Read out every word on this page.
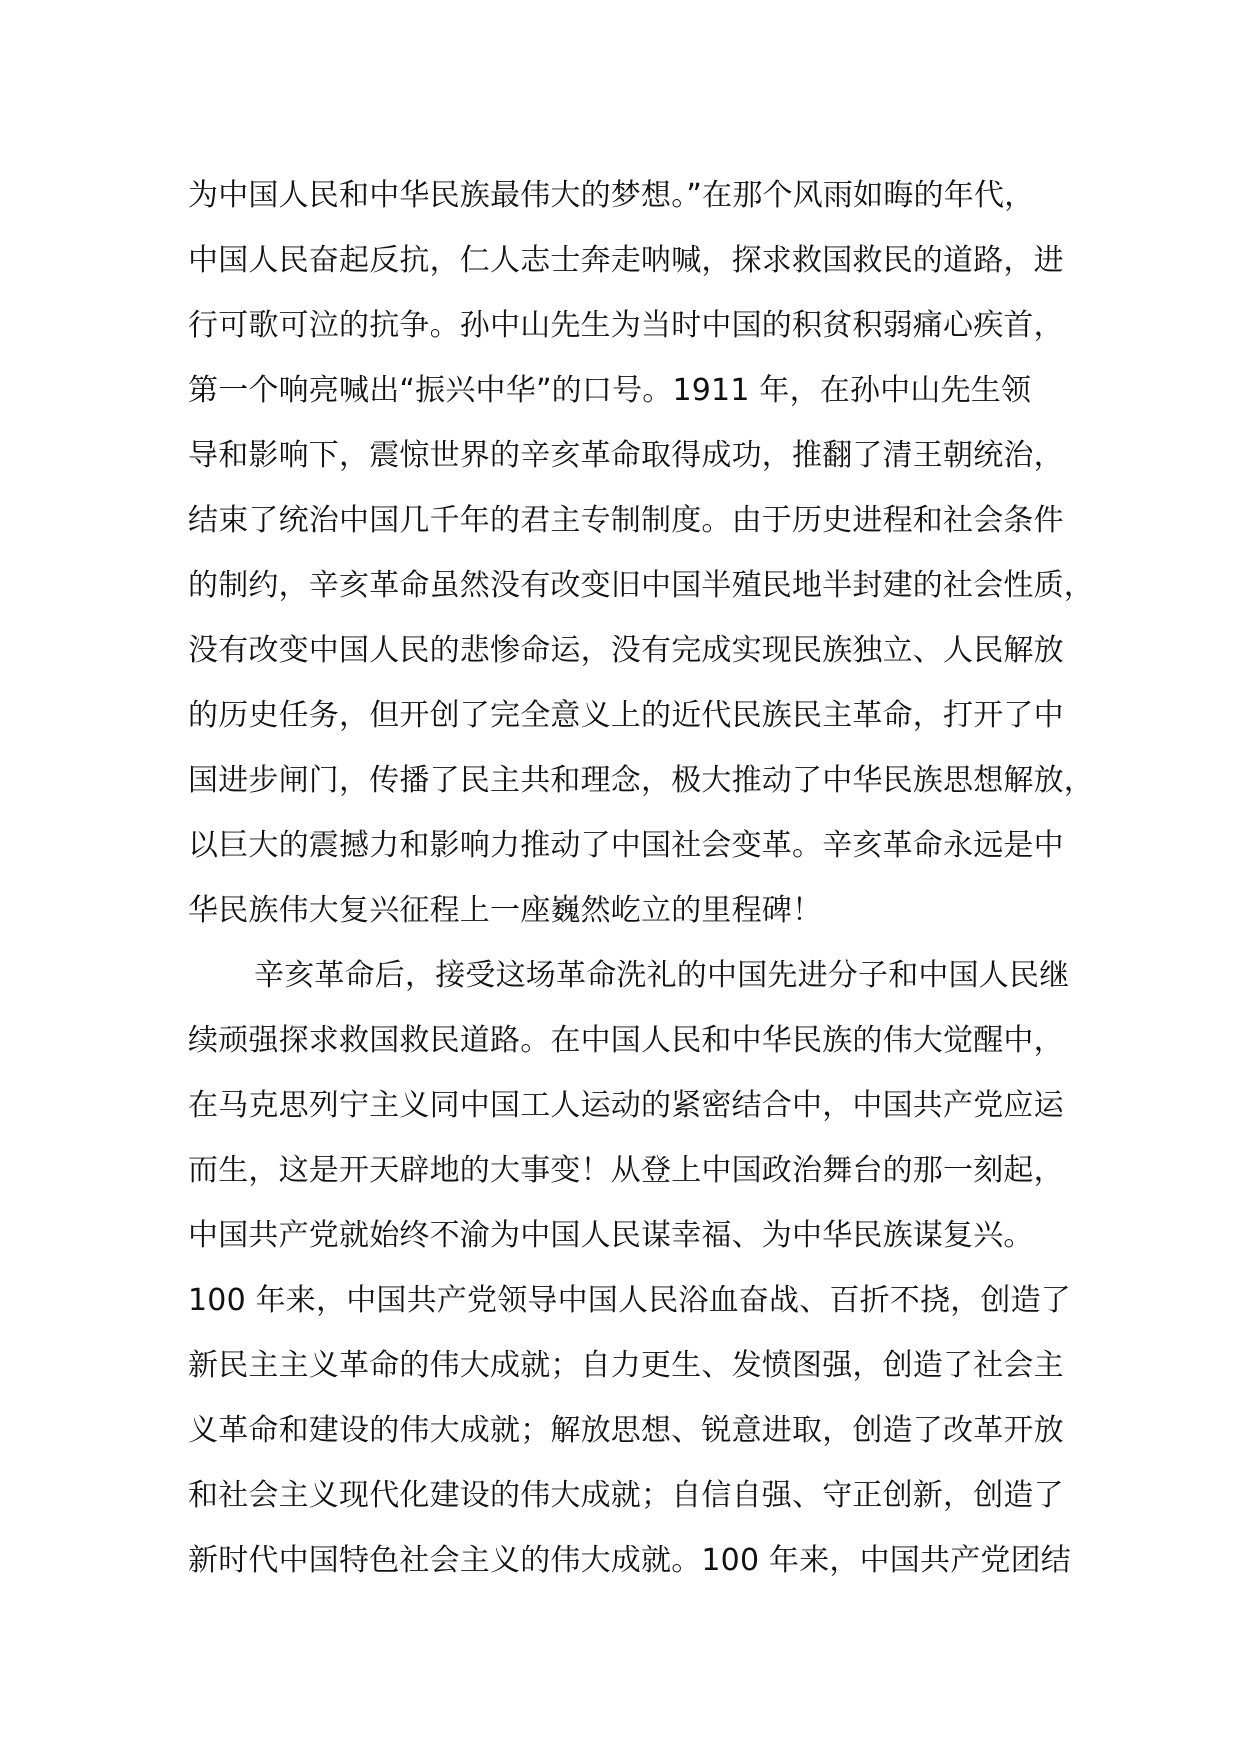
为中国人民和中华民族最伟大的梦想。”在那个风雨如晦的年代，
中国人民奋起反抗，仁人志士奔走呐喊，探求救国救民的道路，进
行可歌可泣的抗争。孙中山先生为当时中国的积贫积弱痛心疾首，
第一个响亮喊出“振兴中华”的口号。1911 年，在孙中山先生领
导和影响下，震惊世界的辛亥革命取得成功，推翻了清王朝统治，
结束了统治中国几千年的君主专制制度。由于历史进程和社会条件
的制约，辛亥革命虽然没有改变旧中国半殖民地半封建的社会性质，
没有改变中国人民的悲惨命运，没有完成实现民族独立、人民解放
的历史任务，但开创了完全意义上的近代民族民主革命，打开了中
国进步闸门，传播了民主共和理念，极大推动了中华民族思想解放，
以巨大的震撼力和影响力推动了中国社会变革。辛亥革命永远是中
华民族伟大复兴征程上一座巍然屹立的里程碑！
辛亥革命后，接受这场革命洗礼的中国先进分子和中国人民继
续顽强探求救国救民道路。在中国人民和中华民族的伟大觉醒中，
在马克思列宁主义同中国工人运动的紧密结合中，中国共产党应运
而生，这是开天辟地的大事变！从登上中国政治舞台的那一刻起，
中国共产党就始终不渝为中国人民谋幸福、为中华民族谋复兴。
100 年来，中国共产党领导中国人民浴血奋战、百折不挠，创造了
新民主主义革命的伟大成就；自力更生、发愤图强，创造了社会主
义革命和建设的伟大成就；解放思想、锐意进取，创造了改革开放
和社会主义现代化建设的伟大成就；自信自强、守正创新，创造了
新时代中国特色社会主义的伟大成就。100 年来，中国共产党团结
